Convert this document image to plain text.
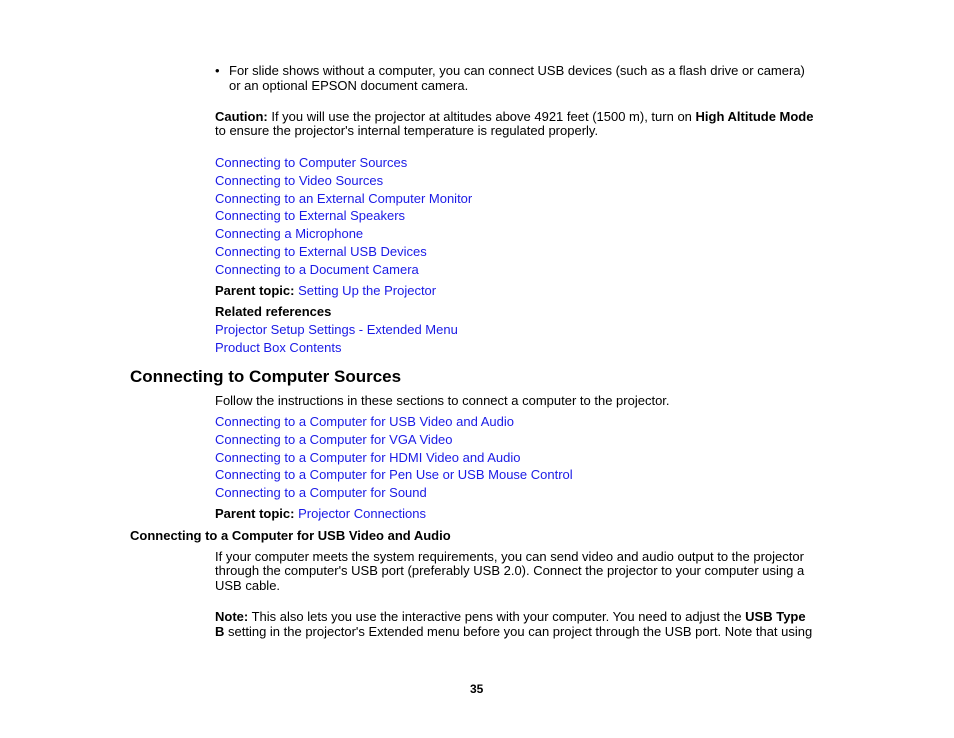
• For slide shows without a computer, you can connect USB devices (such as a flash drive or camera)
or an optional EPSON document camera.
Caution: If you will use the projector at altitudes above 4921 feet (1500 m), turn on High Altitude Mode
to ensure the projector's internal temperature is regulated properly.
Connecting to Computer Sources
Connecting to Video Sources
Connecting to an External Computer Monitor
Connecting to External Speakers
Connecting a Microphone
Connecting to External USB Devices
Connecting to a Document Camera
Parent topic: Setting Up the Projector
Related references
Projector Setup Settings - Extended Menu
Product Box Contents
Connecting to Computer Sources
Follow the instructions in these sections to connect a computer to the projector.
Connecting to a Computer for USB Video and Audio
Connecting to a Computer for VGA Video
Connecting to a Computer for HDMI Video and Audio
Connecting to a Computer for Pen Use or USB Mouse Control
Connecting to a Computer for Sound
Parent topic: Projector Connections
Connecting to a Computer for USB Video and Audio
If your computer meets the system requirements, you can send video and audio output to the projector
through the computer's USB port (preferably USB 2.0). Connect the projector to your computer using a
USB cable.
Note: This also lets you use the interactive pens with your computer. You need to adjust the USB Type
B setting in the projector's Extended menu before you can project through the USB port. Note that using
35
